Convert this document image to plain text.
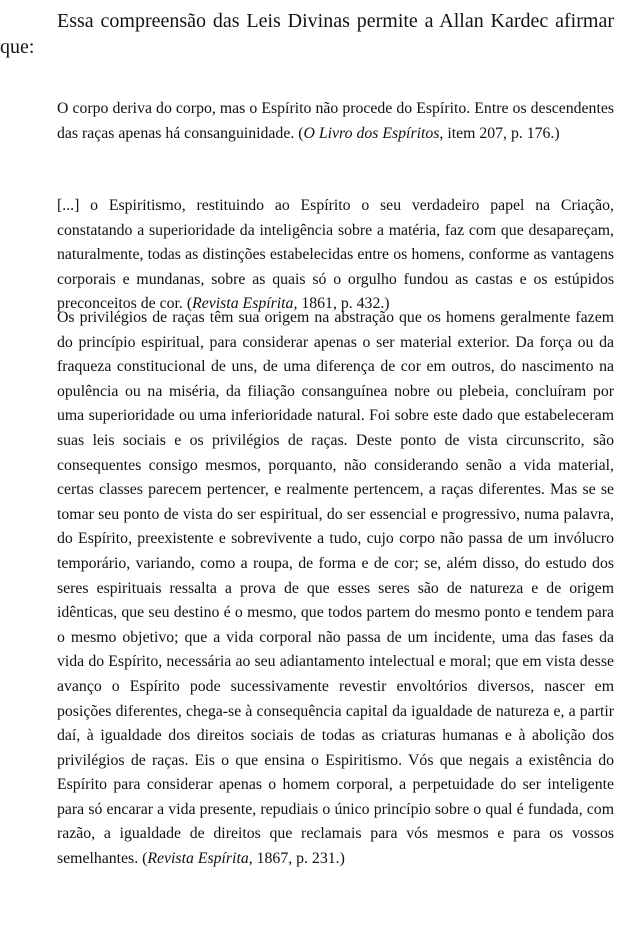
Essa compreensão das Leis Divinas permite a Allan Kardec afirmar que:

O corpo deriva do corpo, mas o Espírito não procede do Espírito. Entre os descendentes das raças apenas há consanguinidade. (O Livro dos Espíritos, item 207, p. 176.)

[...] o Espiritismo, restituindo ao Espírito o seu verdadeiro papel na Criação, constatando a superioridade da inteligência sobre a matéria, faz com que desapareçam, naturalmente, todas as distinções estabelecidas entre os homens, conforme as vantagens corporais e mundanas, sobre as quais só o orgulho fundou as castas e os estúpidos preconceitos de cor. (Revista Espírita, 1861, p. 432.)

Os privilégios de raças têm sua origem na abstração que os homens geralmente fazem do princípio espiritual, para considerar apenas o ser material exterior. Da força ou da fraqueza constitucional de uns, de uma diferença de cor em outros, do nascimento na opulência ou na miséria, da filiação consanguínea nobre ou plebeia, concluíram por uma superioridade ou uma inferioridade natural. Foi sobre este dado que estabeleceram suas leis sociais e os privilégios de raças. Deste ponto de vista circunscrito, são consequentes consigo mesmos, porquanto, não considerando senão a vida material, certas classes parecem pertencer, e realmente pertencem, a raças diferentes. Mas se se tomar seu ponto de vista do ser espiritual, do ser essencial e progressivo, numa palavra, do Espírito, preexistente e sobrevivente a tudo, cujo corpo não passa de um invólucro temporário, variando, como a roupa, de forma e de cor; se, além disso, do estudo dos seres espirituais ressalta a prova de que esses seres são de natureza e de origem idênticas, que seu destino é o mesmo, que todos partem do mesmo ponto e tendem para o mesmo objetivo; que a vida corporal não passa de um incidente, uma das fases da vida do Espírito, necessária ao seu adiantamento intelectual e moral; que em vista desse avanço o Espírito pode sucessivamente revestir envoltórios diversos, nascer em posições diferentes, chega-se à consequência capital da igualdade de natureza e, a partir daí, à igualdade dos direitos sociais de todas as criaturas humanas e à abolição dos privilégios de raças. Eis o que ensina o Espiritismo. Vós que negais a existência do Espírito para considerar apenas o homem corporal, a perpetuidade do ser inteligente para só encarar a vida presente, repudiais o único princípio sobre o qual é fundada, com razão, a igualdade de direitos que reclamais para vós mesmos e para os vossos semelhantes. (Revista Espírita, 1867, p. 231.)
